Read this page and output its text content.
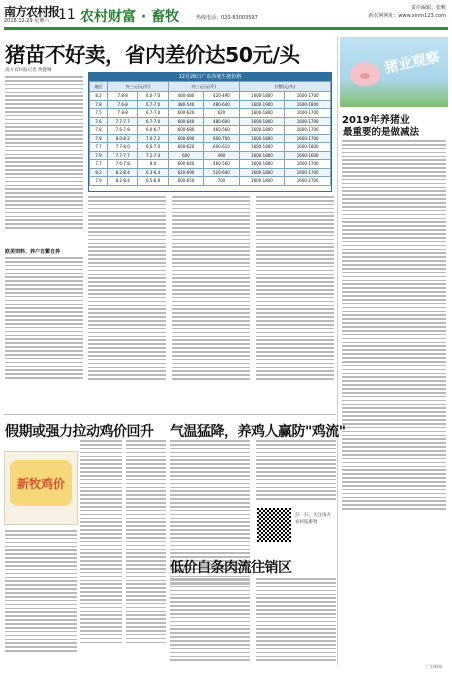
南方农村报
2018.12.29 星期六 11 农村财富 · 畜牧	热线电话：020-83003597
责任编辑：张帆
新农网网址：www.xinm123.com
猪苗不好卖，省内差价达50元/头
南方农村报记者 黄健琳
欧美饲料、养户自繁自养
12月26日广东各地生猪价格
地区	外三元(元/斤)		内三元(元/斤)		仔猪(元/头)	
8.2	7.8-8	6.0-7.0	400-480	420-490	1600-1800	1600-1700
7.8	7.6-8	6.7-7.0	480-540	480-640	1600-1900	1600-1800
7.5	7.8-8	6.7-7.0	600-620	620	1600-1800	1600-1700
7.6	7.7-7.7	6.7-7.0	600-640	480-600	1600-1800	1600-1700
7.8	7.6-7.8	6.0-6.7	600-680	460-560	1600-1800	1600-1700
7.8	8.0-8.2	7.0-7.2	600-690	600-700	1600-1800	1600-1700
7.7	7.7-8.0	6.6-7.0	600-620	600-610	1600-1800	1600-1800
7.9	7.7-7.7	7.1-7.4	600	490	1600-1800	1600-1600
7.7	7.6-7.8	8.0	600-640	460-560	1600-1800	1600-1700
8.2	8.2-8.4	6.3-6.4	620-690	520-640	1600-1800	1600-1700
7.9	8.2-8.4	6.5-6.9	600-650	700	1600-1800	1600-1700
猪业观察
2019年养猪业
最重要的是做减法
假期或强力拉动鸡价回升 气温猛降，养鸡人赢防"鸡流"
新牧鸡价
扫一扫，关注南方农村报畜牧
低价白条肉流往销区
广旧新闻
